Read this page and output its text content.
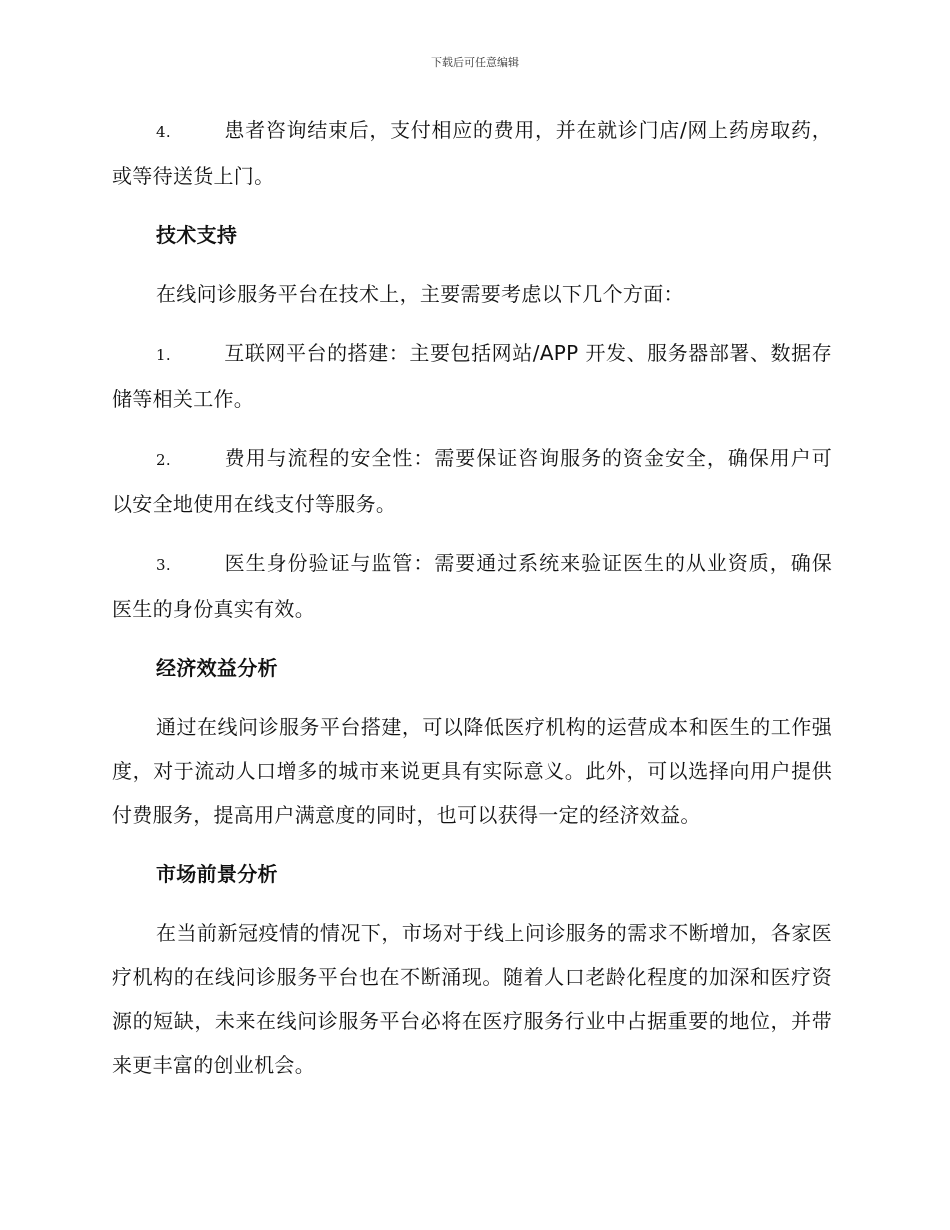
下载后可任意编辑

4.	患者咨询结束后，支付相应的费用，并在就诊门店/网上药房取药，或等待送货上门。

技术支持

在线问诊服务平台在技术上，主要需要考虑以下几个方面：

1.	互联网平台的搭建：主要包括网站/APP 开发、服务器部署、数据存储等相关工作。

2.	费用与流程的安全性：需要保证咨询服务的资金安全，确保用户可以安全地使用在线支付等服务。

3.	医生身份验证与监管：需要通过系统来验证医生的从业资质，确保医生的身份真实有效。

经济效益分析

通过在线问诊服务平台搭建，可以降低医疗机构的运营成本和医生的工作强度，对于流动人口增多的城市来说更具有实际意义。此外，可以选择向用户提供付费服务，提高用户满意度的同时，也可以获得一定的经济效益。

市场前景分析

在当前新冠疫情的情况下，市场对于线上问诊服务的需求不断增加，各家医疗机构的在线问诊服务平台也在不断涌现。随着人口老龄化程度的加深和医疗资源的短缺，未来在线问诊服务平台必将在医疗服务行业中占据重要的地位，并带来更丰富的创业机会。
